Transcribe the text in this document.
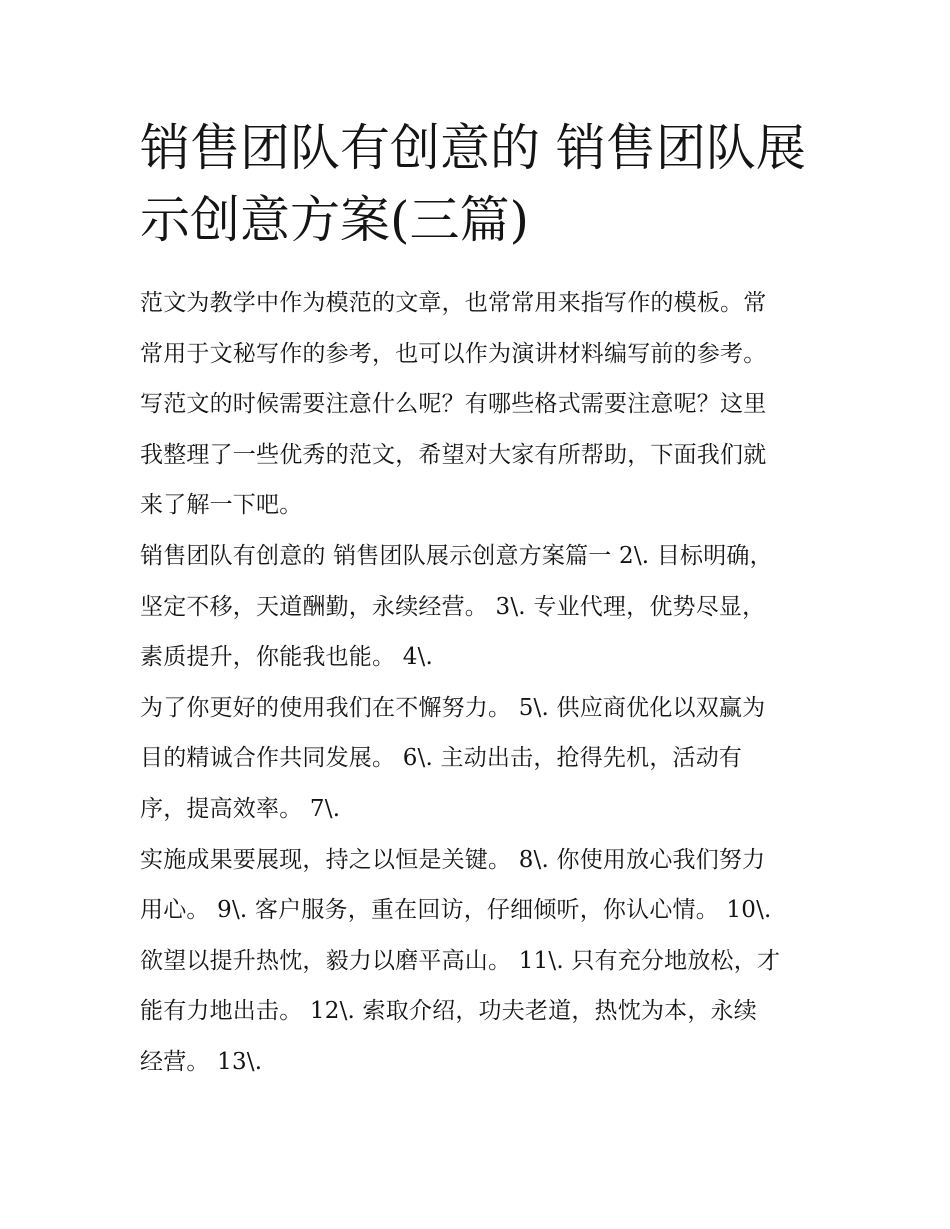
销售团队有创意的 销售团队展
示创意方案(三篇)
范文为教学中作为模范的文章，也常常用来指写作的模板。常
常用于文秘写作的参考，也可以作为演讲材料编写前的参考。
写范文的时候需要注意什么呢？有哪些格式需要注意呢？这里
我整理了一些优秀的范文，希望对大家有所帮助，下面我们就
来了解一下吧。
销售团队有创意的 销售团队展示创意方案篇一 2\. 目标明确，
坚定不移，天道酬勤，永续经营。 3\. 专业代理，优势尽显，
素质提升，你能我也能。 4\.
为了你更好的使用我们在不懈努力。 5\. 供应商优化以双赢为
目的精诚合作共同发展。 6\. 主动出击，抢得先机，活动有
序，提高效率。 7\.
实施成果要展现，持之以恒是关键。 8\. 你使用放心我们努力
用心。 9\. 客户服务，重在回访，仔细倾听，你认心情。 10\.
欲望以提升热忱，毅力以磨平高山。 11\. 只有充分地放松，才
能有力地出击。 12\. 索取介绍，功夫老道，热忱为本，永续
经营。 13\.
